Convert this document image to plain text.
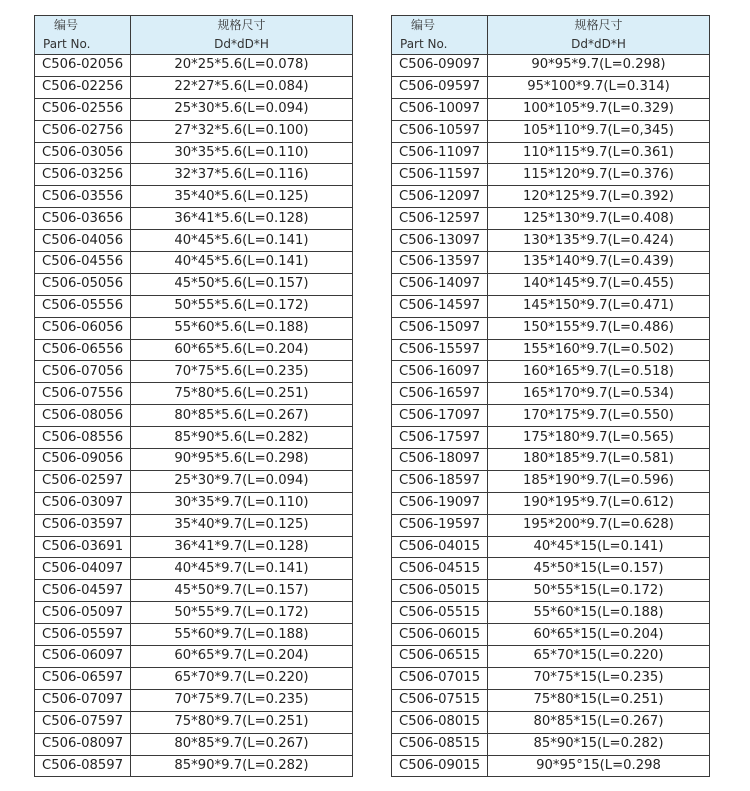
编号
Part No.	规格尺寸
Dd*dD*H

C506-02056	20*25*5.6(L=0.078)
C506-02256	22*27*5.6(L=0.084)
C506-02556	25*30*5.6(L=0.094)
C506-02756	27*32*5.6(L=0.100)
C506-03056	30*35*5.6(L=0.110)
C506-03256	32*37*5.6(L=0.116)
C506-03556	35*40*5.6(L=0.125)
C506-03656	36*41*5.6(L=0.128)
C506-04056	40*45*5.6(L=0.141)
C506-04556	40*45*5.6(L=0.141)
C506-05056	45*50*5.6(L=0.157)
C506-05556	50*55*5.6(L=0.172)
C506-06056	55*60*5.6(L=0.188)
C506-06556	60*65*5.6(L=0.204)
C506-07056	70*75*5.6(L=0.235)
C506-07556	75*80*5.6(L=0.251)
C506-08056	80*85*5.6(L=0.267)
C506-08556	85*90*5.6(L=0.282)
C506-09056	90*95*5.6(L=0.298)
C506-02597	25*30*9.7(L=0.094)
C506-03097	30*35*9.7(L=0.110)
C506-03597	35*40*9.7(L=0.125)
C506-03691	36*41*9.7(L=0.128)
C506-04097	40*45*9.7(L=0.141)
C506-04597	45*50*9.7(L=0.157)
C506-05097	50*55*9.7(L=0.172)
C506-05597	55*60*9.7(L=0.188)
C506-06097	60*65*9.7(L=0.204)
C506-06597	65*70*9.7(L=0.220)
C506-07097	70*75*9.7(L=0.235)
C506-07597	75*80*9.7(L=0.251)
C506-08097	80*85*9.7(L=0.267)
C506-08597	85*90*9.7(L=0.282)
编号
Part No.	规格尺寸
Dd*dD*H

C506-09097	90*95*9.7(L=0.298)
C506-09597	95*100*9.7(L=0.314)
C506-10097	100*105*9.7(L=0.329)
C506-10597	105*110*9.7(L=0,345)
C506-11097	110*115*9.7(L=0.361)
C506-11597	115*120*9.7(L=0.376)
C506-12097	120*125*9.7(L=0.392)
C506-12597	125*130*9.7(L=0.408)
C506-13097	130*135*9.7(L=0.424)
C506-13597	135*140*9.7(L=0.439)
C506-14097	140*145*9.7(L=0.455)
C506-14597	145*150*9.7(L=0.471)
C506-15097	150*155*9.7(L=0.486)
C506-15597	155*160*9.7(L=0.502)
C506-16097	160*165*9.7(L=0.518)
C506-16597	165*170*9.7(L=0.534)
C506-17097	170*175*9.7(L=0.550)
C506-17597	175*180*9.7(L=0.565)
C506-18097	180*185*9.7(L=0.581)
C506-18597	185*190*9.7(L=0.596)
C506-19097	190*195*9.7(L=0.612)
C506-19597	195*200*9.7(L=0.628)
C506-04015	40*45*15(L=0.141)
C506-04515	45*50*15(L=0.157)
C506-05015	50*55*15(L=0.172)
C506-05515	55*60*15(L=0.188)
C506-06015	60*65*15(L=0.204)
C506-06515	65*70*15(L=0.220)
C506-07015	70*75*15(L=0.235)
C506-07515	75*80*15(L=0.251)
C506-08015	80*85*15(L=0.267)
C506-08515	85*90*15(L=0.282)
C506-09015	90*95°15(L=0.298
